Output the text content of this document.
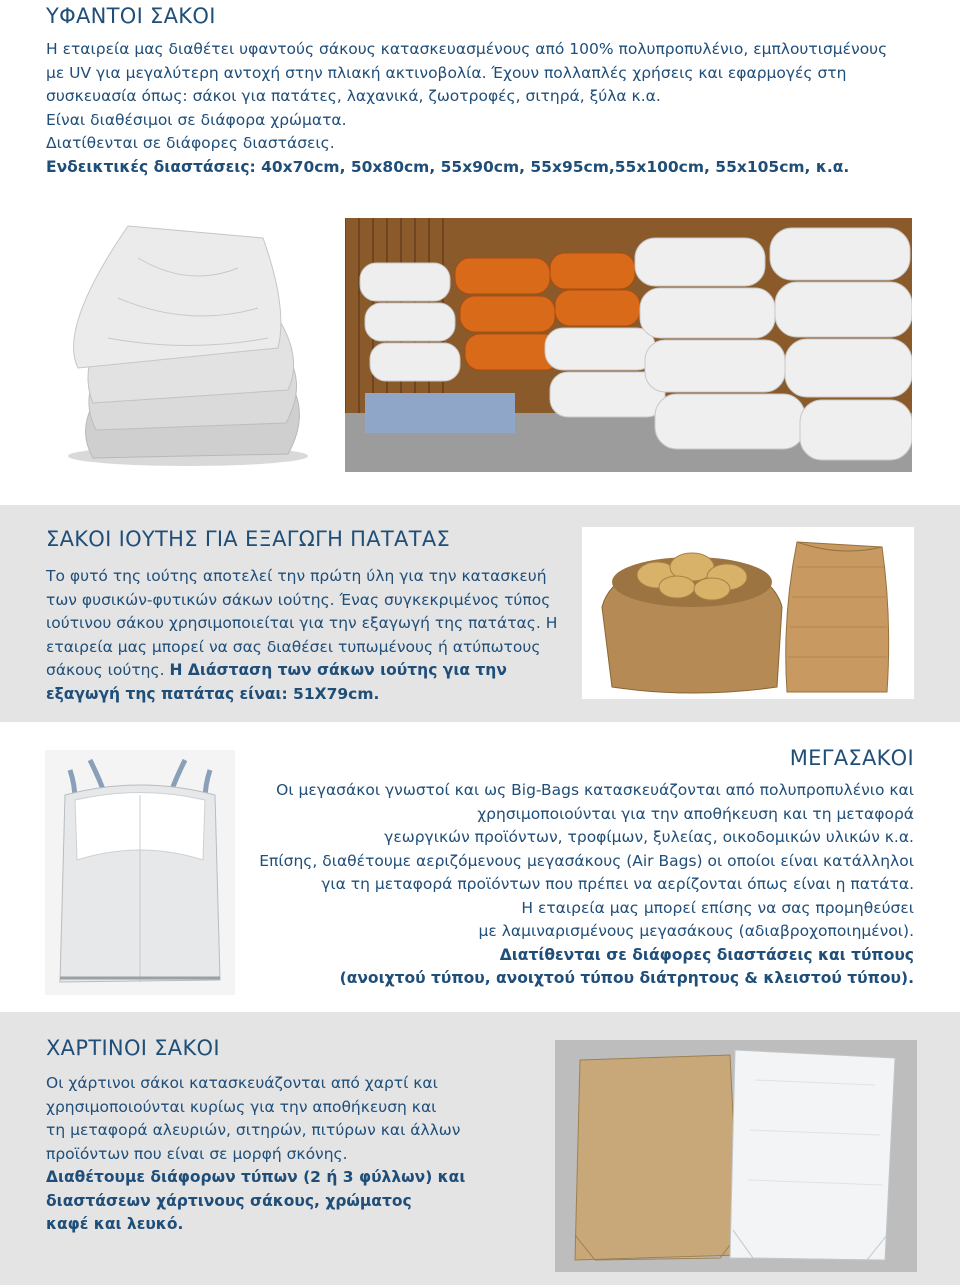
ΥΦΑΝΤΟΙ ΣΑΚΟΙ

Η εταιρεία μας διαθέτει υφαντούς σάκους κατασκευασμένους από 100% πολυπροπυλένιο, εμπλουτισμένους

με UV για μεγαλύτερη αντοχή στην πλιακή ακτινοβολία. Έχουν πολλαπλές χρήσεις και εφαρμογές στη

συσκευασία όπως: σάκοι για πατάτες, λαχανικά, ζωοτροφές, σιτηρά, ξύλα κ.α.

Είναι διαθέσιμοι σε διάφορα χρώματα.

Διατίθενται σε διάφορες διαστάσεις.

Ενδεικτικές διαστάσεις: 40x70cm, 50x80cm, 55x90cm, 55x95cm,55x100cm, 55x105cm, κ.α.

ΣΑΚΟΙ ΙΟΥΤΗΣ ΓΙΑ ΕΞΑΓΩΓΗ ΠΑΤΑΤΑΣ

Το φυτό της ιούτης αποτελεί την πρώτη ύλη για την κατασκευή

των φυσικών-φυτικών σάκων ιούτης. Ένας συγκεκριμένος τύπος

ιούτινου σάκου χρησιμοποιείται για την εξαγωγή της πατάτας. Η

εταιρεία μας μπορεί να σας διαθέσει τυπωμένους ή ατύπωτους

σάκους ιούτης. Η Διάσταση των σάκων ιούτης για την

εξαγωγή της πατάτας είναι: 51Χ79cm.

ΜΕΓΑΣΑΚΟΙ

Οι μεγασάκοι γνωστοί και ως Big-Bags κατασκευάζονται από πολυπροπυλένιο και

χρησιμοποιούνται για την αποθήκευση και τη μεταφορά

γεωργικών προϊόντων, τροφίμων, ξυλείας, οικοδομικών υλικών κ.α.

Επίσης, διαθέτουμε αεριζόμενους μεγασάκους (Air Bags) οι οποίοι είναι κατάλληλοι

για τη μεταφορά προϊόντων που πρέπει να αερίζονται όπως είναι η πατάτα.

Η εταιρεία μας μπορεί επίσης να σας προμηθεύσει

με λαμιναρισμένους μεγασάκους (αδιαβροχοποιημένοι).

Διατίθενται σε διάφορες διαστάσεις και τύπους

(ανοιχτού τύπου, ανοιχτού τύπου διάτρητους & κλειστού τύπου).

ΧΑΡΤΙΝΟΙ ΣΑΚΟΙ

Οι χάρτινοι σάκοι κατασκευάζονται από χαρτί και

χρησιμοποιούνται κυρίως για την αποθήκευση και

τη μεταφορά αλευριών, σιτηρών, πιτύρων και άλλων

προϊόντων που είναι σε μορφή σκόνης.

Διαθέτουμε διάφορων τύπων (2 ή 3 φύλλων) και

διαστάσεων χάρτινους σάκους, χρώματος

καφέ και λευκό.
